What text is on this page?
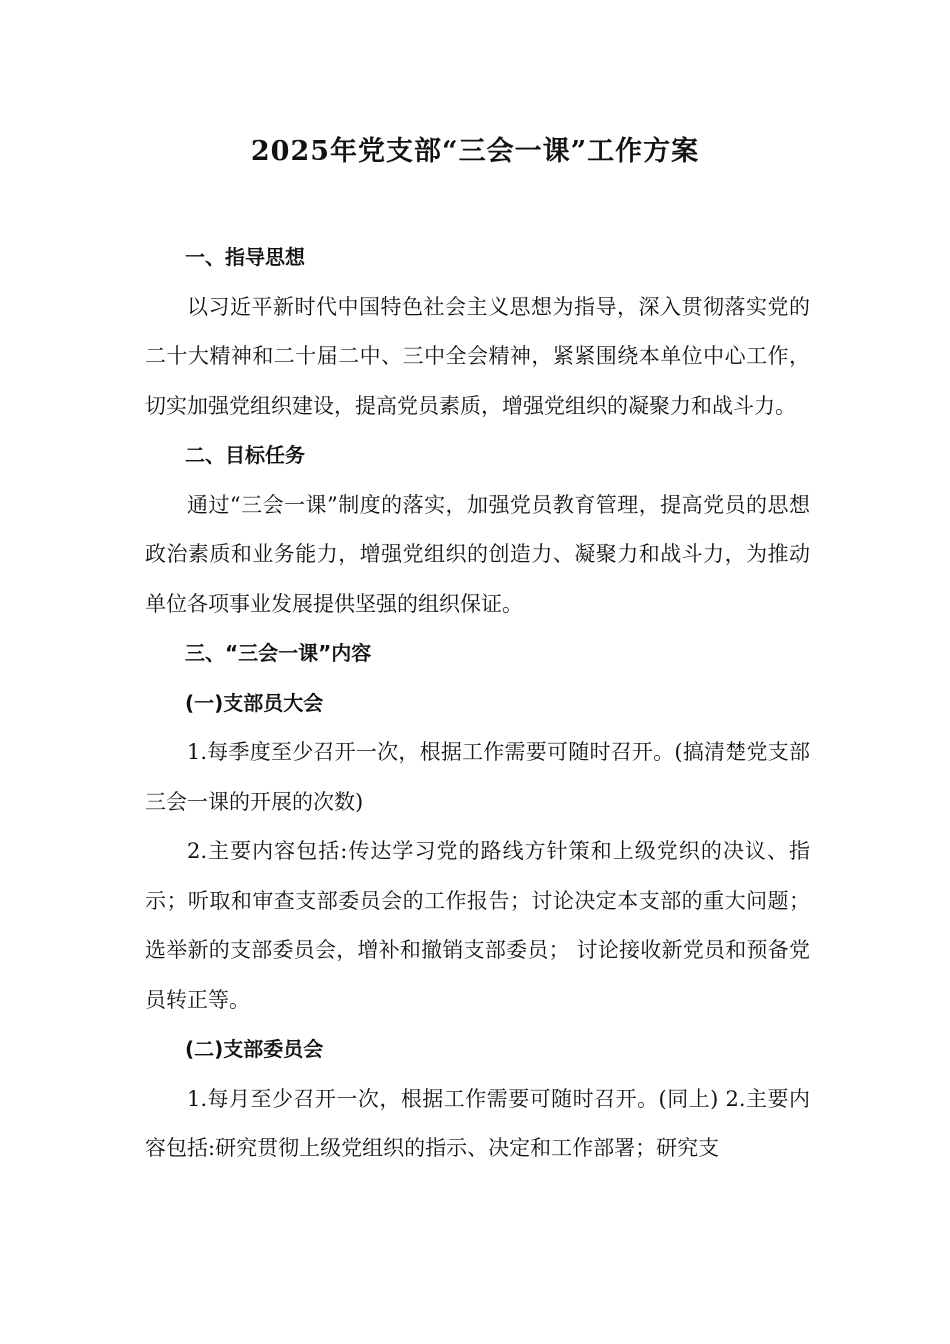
2025年党支部“三会一课”工作方案

一、指导思想

以习近平新时代中国特色社会主义思想为指导，深入贯彻落实党的二十大精神和二十届二中、三中全会精神，紧紧围绕本单位中心工作，切实加强党组织建设，提高党员素质，增强党组织的凝聚力和战斗力。

二、目标任务

通过“三会一课”制度的落实，加强党员教育管理，提高党员的思想政治素质和业务能力，增强党组织的创造力、凝聚力和战斗力，为推动单位各项事业发展提供坚强的组织保证。

三、“三会一课”内容

(一)支部员大会

1.每季度至少召开一次，根据工作需要可随时召开。(搞清楚党支部三会一课的开展的次数)

2.主要内容包括:传达学习党的路线方针策和上级党织的决议、指示；听取和审查支部委员会的工作报告；讨论决定本支部的重大问题；选举新的支部委员会，增补和撤销支部委员； 讨论接收新党员和预备党员转正等。

(二)支部委员会

1.每月至少召开一次，根据工作需要可随时召开。(同上) 2.主要内容包括:研究贯彻上级党组织的指示、决定和工作部署；研究支
